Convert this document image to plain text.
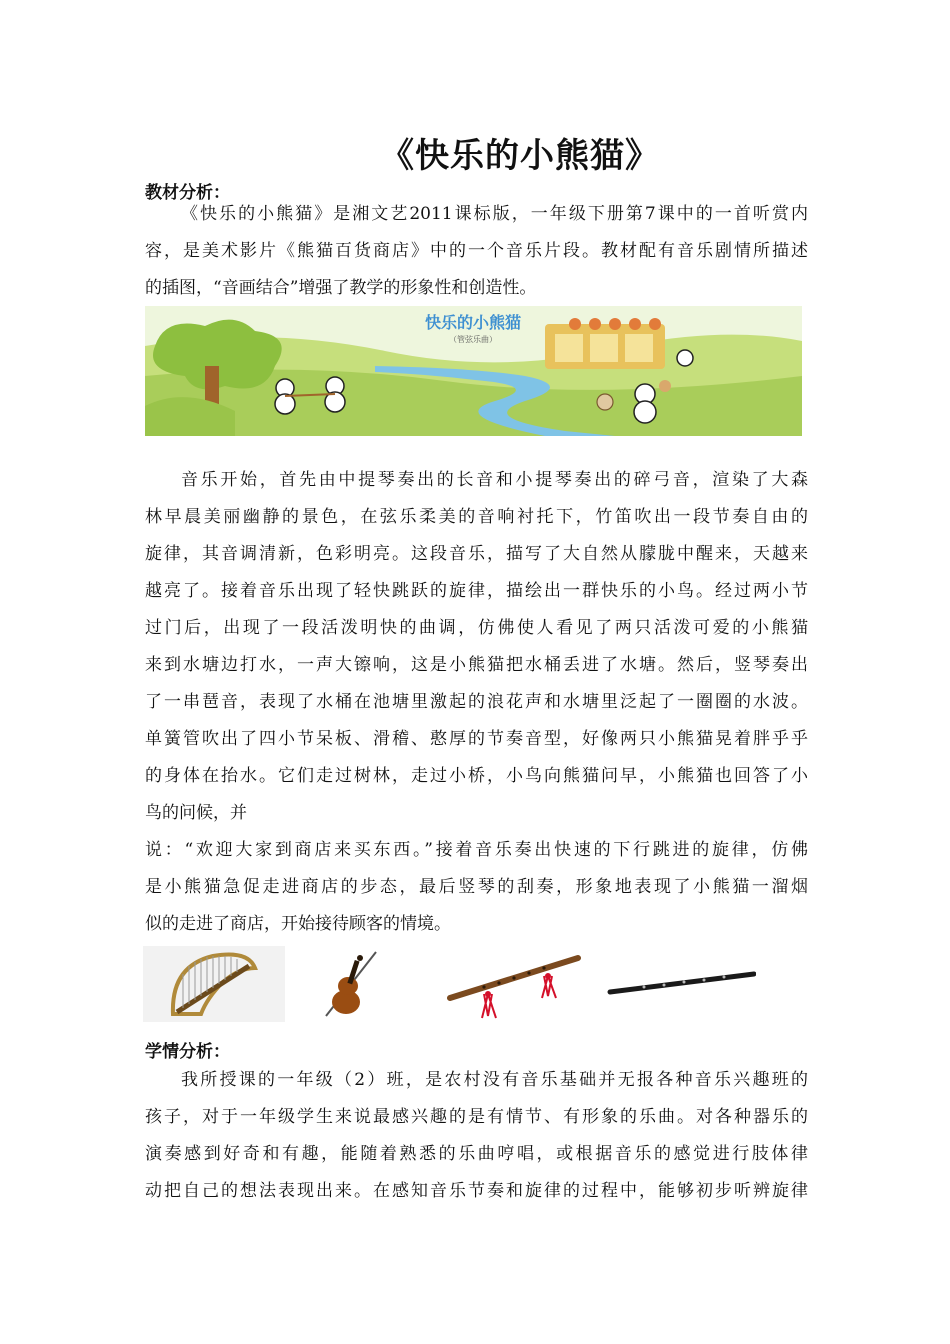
《快乐的小熊猫》
教材分析：
《快乐的小熊猫》是湘文艺2011课标版，一年级下册第7课中的一首听赏内
容，是美术影片《熊猫百货商店》中的一个音乐片段。教材配有音乐剧情所描述
的插图，“音画结合”增强了教学的形象性和创造性。
快乐的小熊猫
（管弦乐曲）
音乐开始，首先由中提琴奏出的长音和小提琴奏出的碎弓音，渲染了大森
林早晨美丽幽静的景色，在弦乐柔美的音响衬托下，竹笛吹出一段节奏自由的
旋律，其音调清新，色彩明亮。这段音乐，描写了大自然从朦胧中醒来，天越来
越亮了。接着音乐出现了轻快跳跃的旋律，描绘出一群快乐的小鸟。经过两小节
过门后，出现了一段活泼明快的曲调，仿佛使人看见了两只活泼可爱的小熊猫
来到水塘边打水，一声大镲响，这是小熊猫把水桶丢进了水塘。然后，竖琴奏出
了一串琶音，表现了水桶在池塘里激起的浪花声和水塘里泛起了一圈圈的水波。
单簧管吹出了四小节呆板、滑稽、憨厚的节奏音型，好像两只小熊猫晃着胖乎乎
的身体在抬水。它们走过树林，走过小桥，小鸟向熊猫问早，小熊猫也回答了小
鸟的问候，并
说：“欢迎大家到商店来买东西。”接着音乐奏出快速的下行跳进的旋律，仿佛
是小熊猫急促走进商店的步态，最后竖琴的刮奏，形象地表现了小熊猫一溜烟
似的走进了商店，开始接待顾客的情境。
学情分析：
我所授课的一年级（2）班，是农村没有音乐基础并无报各种音乐兴趣班的
孩子，对于一年级学生来说最感兴趣的是有情节、有形象的乐曲。对各种器乐的
演奏感到好奇和有趣，能随着熟悉的乐曲哼唱，或根据音乐的感觉进行肢体律
动把自己的想法表现出来。在感知音乐节奏和旋律的过程中，能够初步听辨旋律
